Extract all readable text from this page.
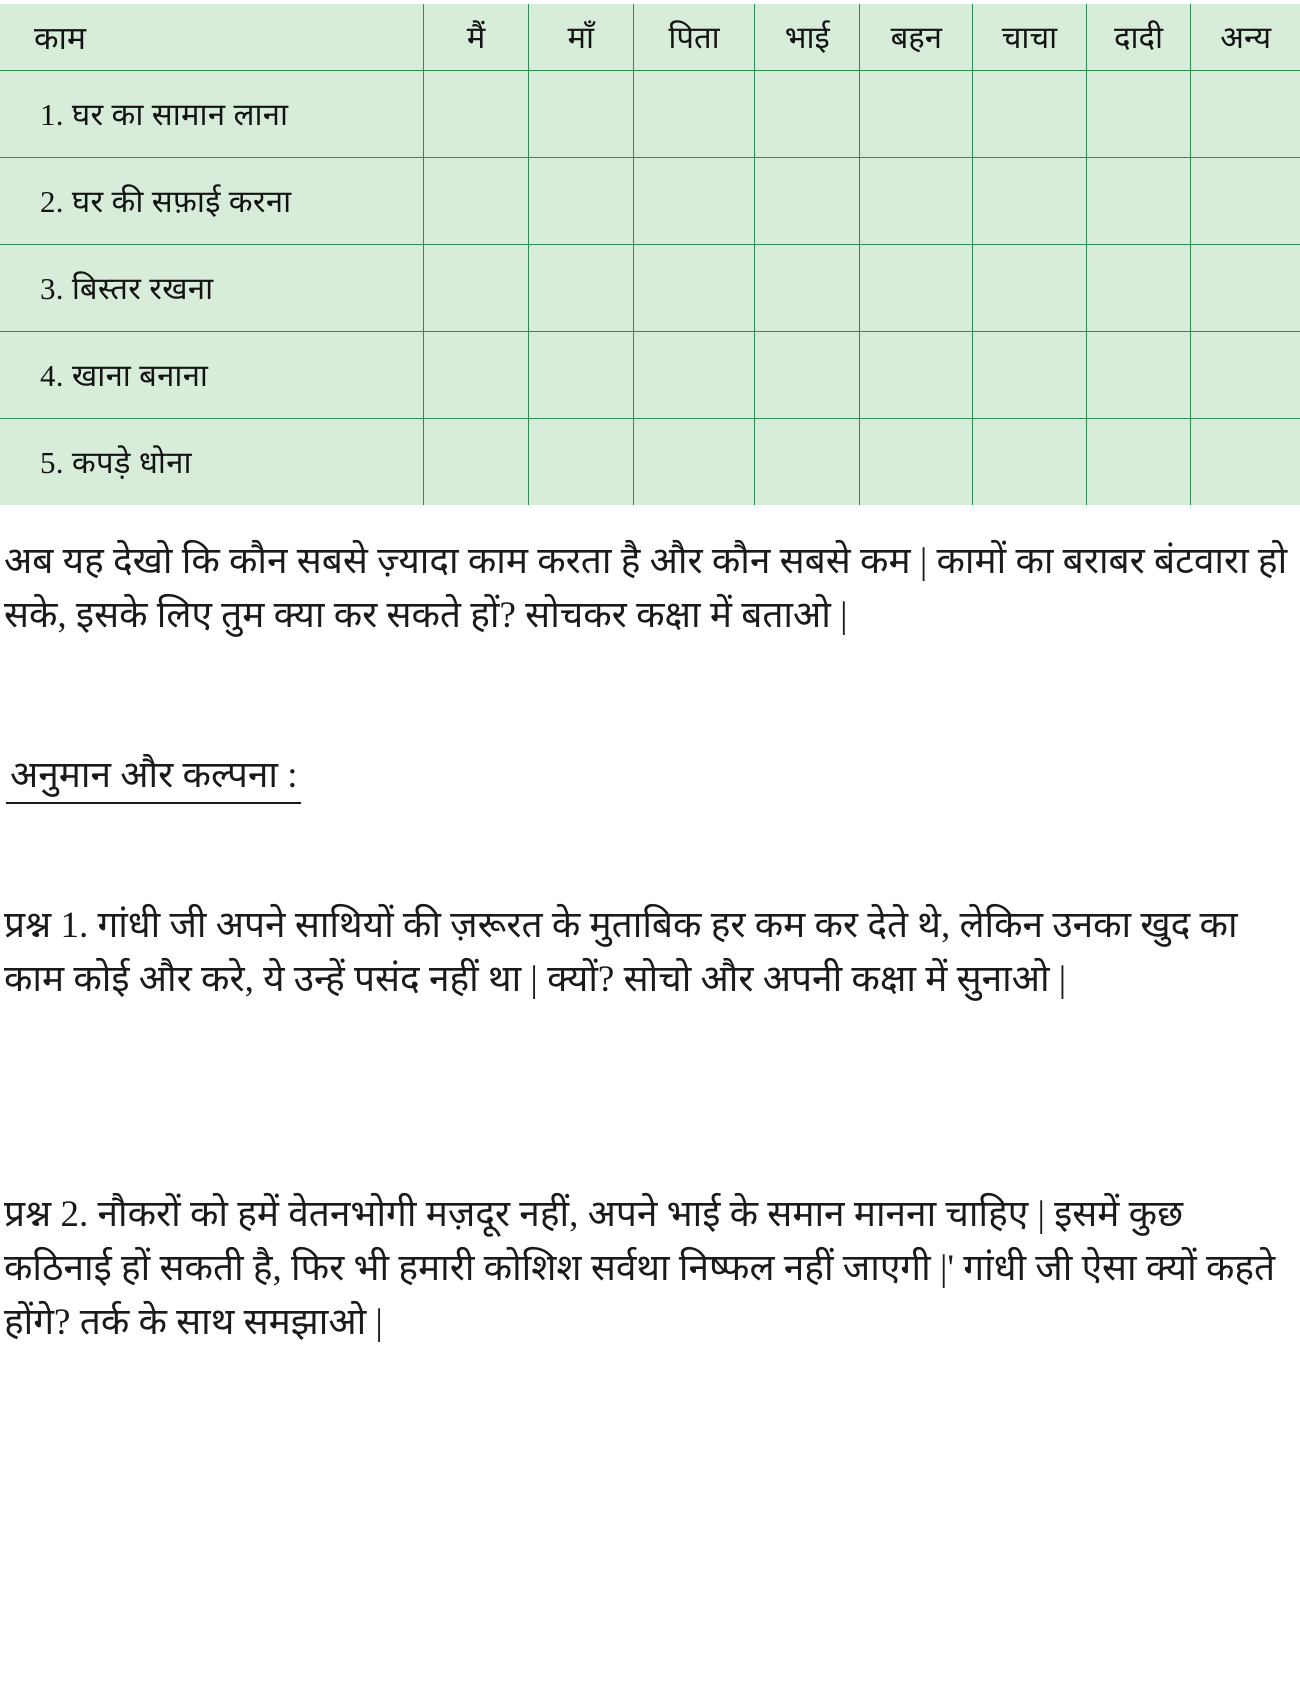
काम	मैं	माँ	पिता	भाई	बहन	चाचा	दादी	अन्य
1. घर का सामान लाना								
2. घर की सफ़ाई करना								
3. बिस्तर रखना								
4. खाना बनाना								
5. कपड़े धोना								

अब यह देखो कि कौन सबसे ज़्यादा काम करता है और कौन सबसे कम | कामों का बराबर बंटवारा हो सके, इसके लिए तुम क्या कर सकते हों? सोचकर कक्षा में बताओ |

अनुमान और कल्पना :

प्रश्न 1. गांधी जी अपने साथियों की ज़रूरत के मुताबिक हर कम कर देते थे, लेकिन उनका खुद का काम कोई और करे, ये उन्हें पसंद नहीं था | क्यों? सोचो और अपनी कक्षा में सुनाओ |

प्रश्न 2. नौकरों को हमें वेतनभोगी मज़दूर नहीं, अपने भाई के समान मानना चाहिए | इसमें कुछ कठिनाई हों सकती है, फिर भी हमारी कोशिश सर्वथा निष्फल नहीं जाएगी |' गांधी जी ऐसा क्यों कहते होंगे? तर्क के साथ समझाओ |
